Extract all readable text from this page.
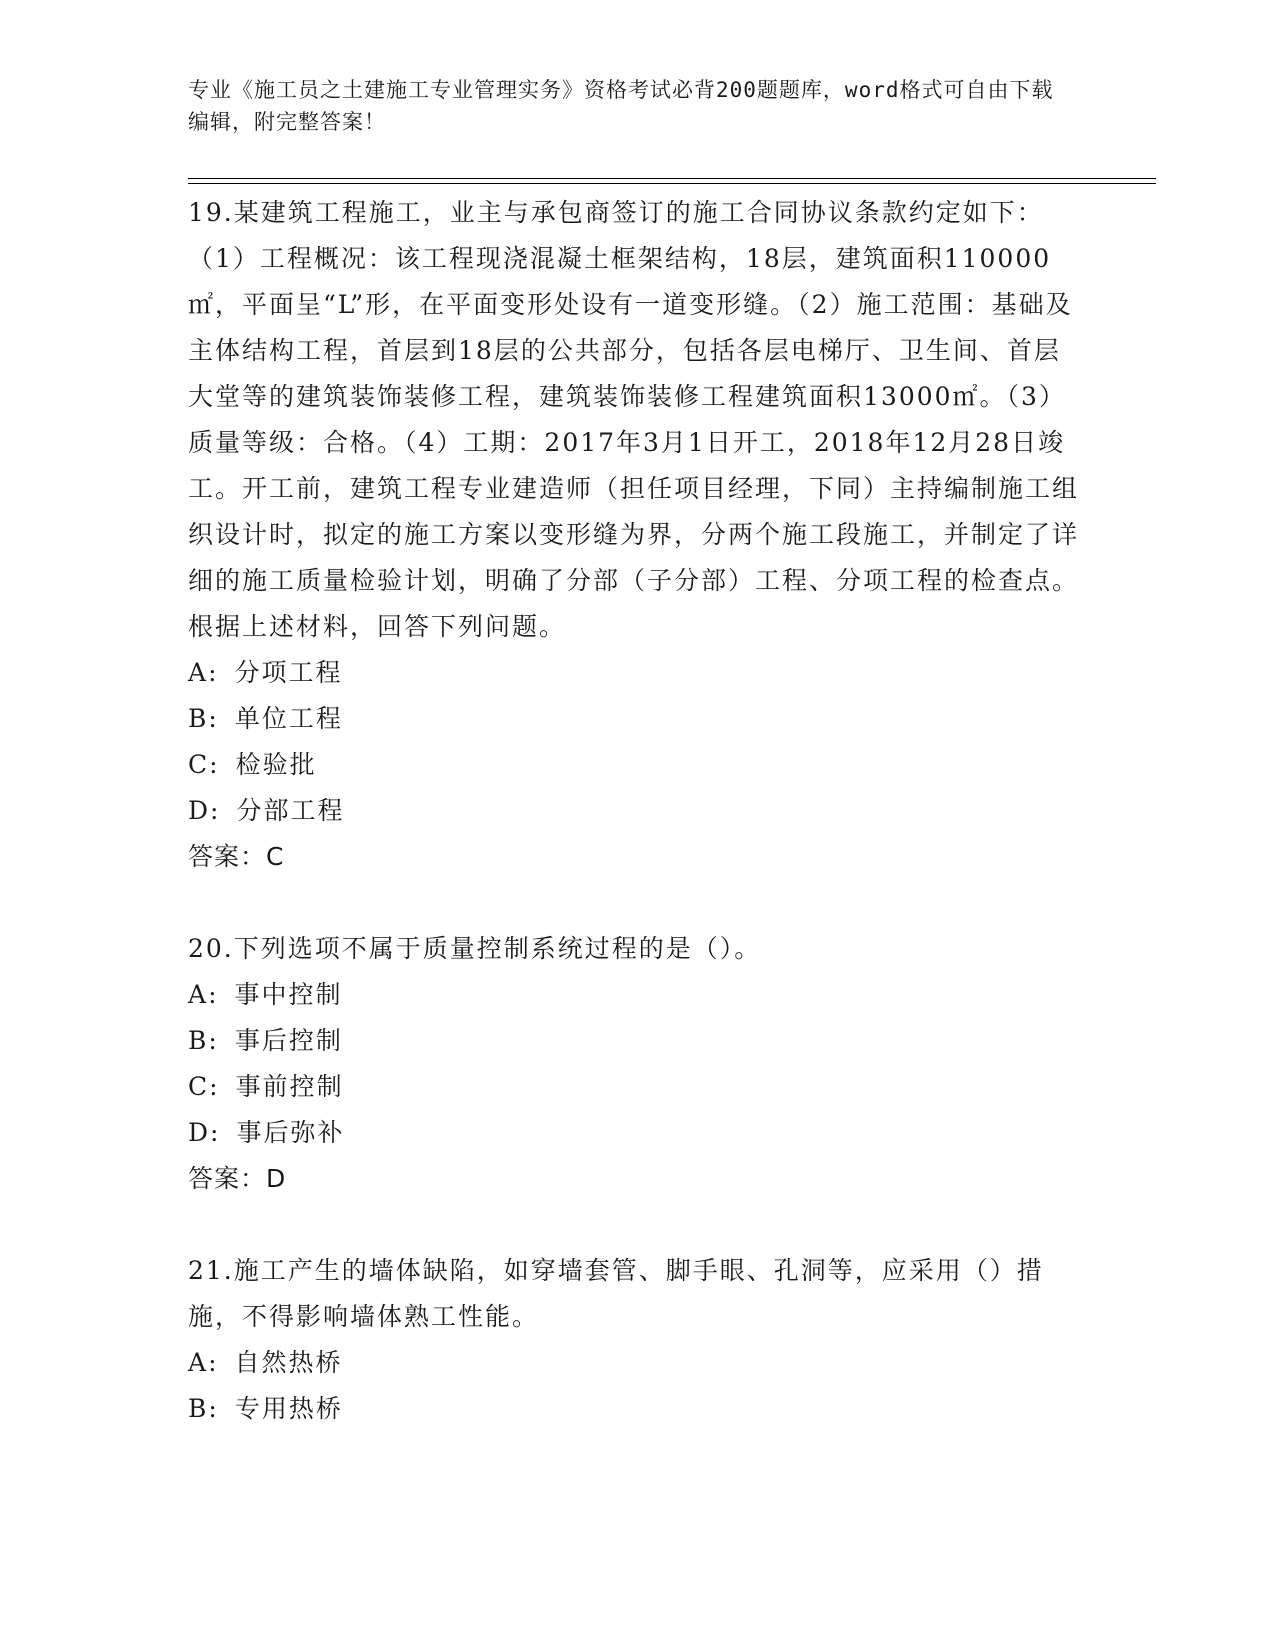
专业《施工员之土建施工专业管理实务》资格考试必背200题题库，word格式可自由下载编辑，附完整答案！

19.某建筑工程施工，业主与承包商签订的施工合同协议条款约定如下：（1）工程概况：该工程现浇混凝土框架结构，18层，建筑面积110000㎡，平面呈“L”形，在平面变形处设有一道变形缝。（2）施工范围：基础及主体结构工程，首层到18层的公共部分，包括各层电梯厅、卫生间、首层大堂等的建筑装饰装修工程，建筑装饰装修工程建筑面积13000㎡。（3）质量等级：合格。（4）工期：2017年3月1日开工，2018年12月28日竣工。开工前，建筑工程专业建造师（担任项目经理，下同）主持编制施工组织设计时，拟定的施工方案以变形缝为界，分两个施工段施工，并制定了详细的施工质量检验计划，明确了分部（子分部）工程、分项工程的检查点。根据上述材料，回答下列问题。

A: 分项工程

B: 单位工程

C: 检验批

D: 分部工程

答案：C

20.下列选项不属于质量控制系统过程的是（）。

A: 事中控制

B: 事后控制

C: 事前控制

D: 事后弥补

答案：D

21.施工产生的墙体缺陷，如穿墙套管、脚手眼、孔洞等，应采用（）措施，不得影响墙体熟工性能。

A: 自然热桥

B: 专用热桥
